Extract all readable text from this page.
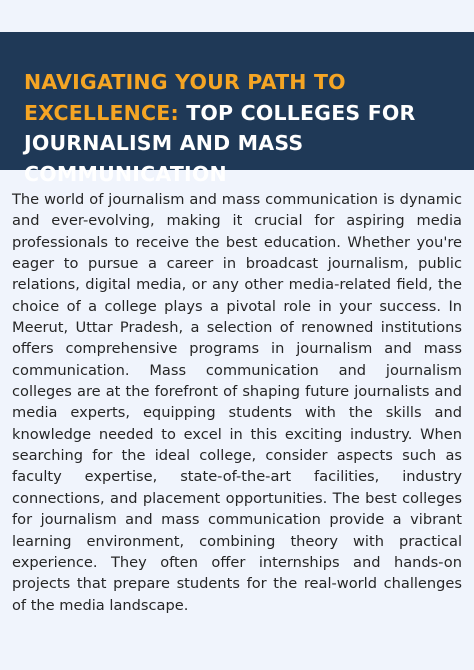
NAVIGATING YOUR PATH TO EXCELLENCE: TOP COLLEGES FOR JOURNALISM AND MASS COMMUNICATION

The world of journalism and mass communication is dynamic and ever-evolving, making it crucial for aspiring media professionals to receive the best education. Whether you're eager to pursue a career in broadcast journalism, public relations, digital media, or any other media-related field, the choice of a college plays a pivotal role in your success. In Meerut, Uttar Pradesh, a selection of renowned institutions offers comprehensive programs in journalism and mass communication. Mass communication and journalism colleges are at the forefront of shaping future journalists and media experts, equipping students with the skills and knowledge needed to excel in this exciting industry. When searching for the ideal college, consider aspects such as faculty expertise, state-of-the-art facilities, industry connections, and placement opportunities. The best colleges for journalism and mass communication provide a vibrant learning environment, combining theory with practical experience. They often offer internships and hands-on projects that prepare students for the real-world challenges of the media landscape.
